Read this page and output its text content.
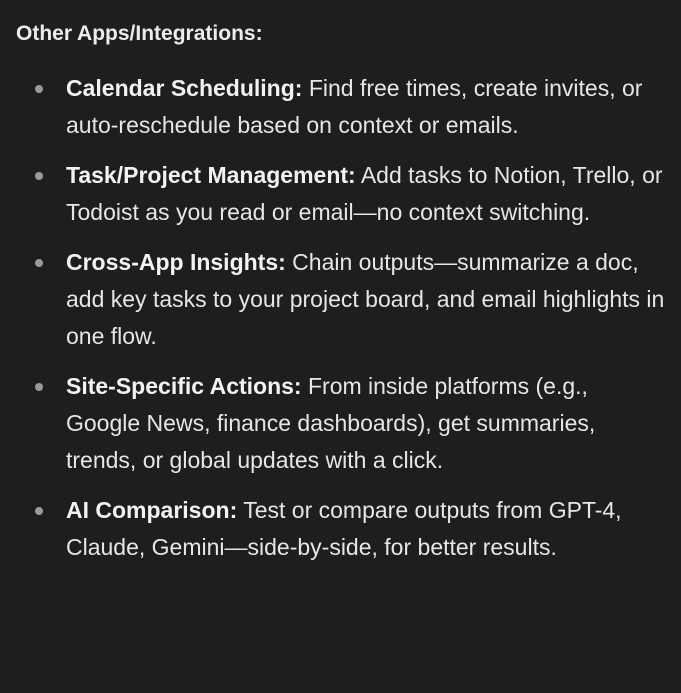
Other Apps/Integrations:
Calendar Scheduling: Find free times, create invites, or auto-reschedule based on context or emails.
Task/Project Management: Add tasks to Notion, Trello, or Todoist as you read or email—no context switching.
Cross-App Insights: Chain outputs—summarize a doc, add key tasks to your project board, and email highlights in one flow.
Site-Specific Actions: From inside platforms (e.g., Google News, finance dashboards), get summaries, trends, or global updates with a click.
AI Comparison: Test or compare outputs from GPT-4, Claude, Gemini—side-by-side, for better results.
